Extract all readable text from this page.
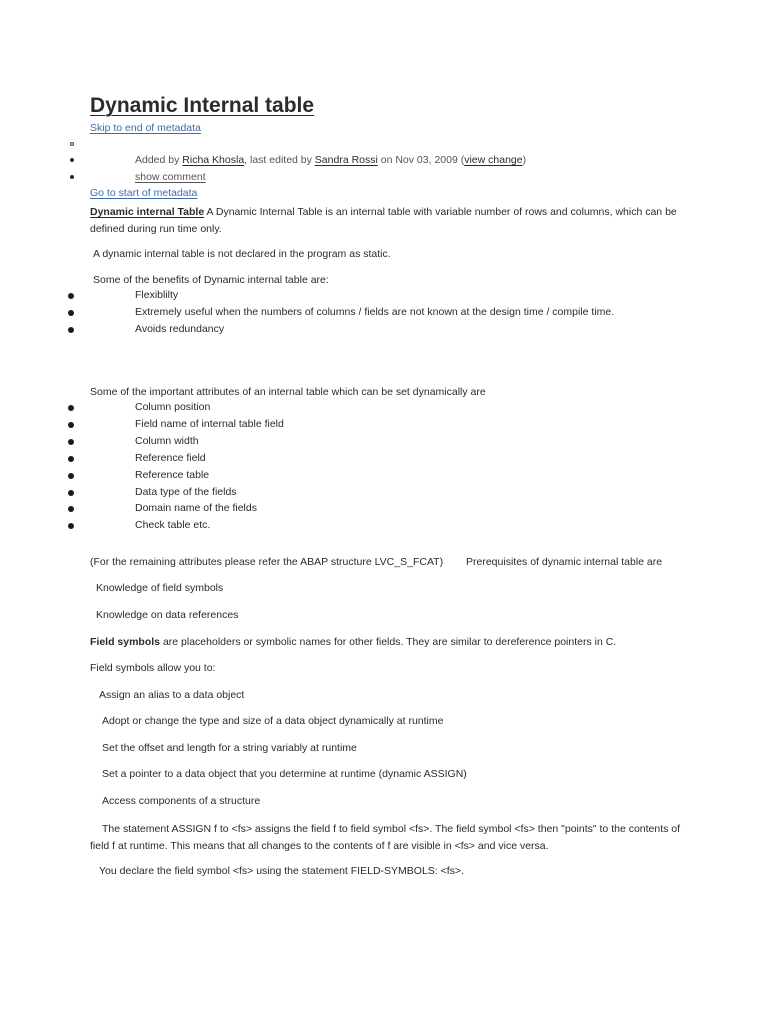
Dynamic Internal table
Skip to end of metadata
Added by Richa Khosla, last edited by Sandra Rossi on Nov 03, 2009 (view change)
show comment
Go to start of metadata
Dynamic internal Table A Dynamic Internal Table is an internal table with variable number of rows and columns, which can be defined during run time only.
A dynamic internal table is not declared in the program as static.
Some of the benefits of Dynamic internal table are:
Flexiblilty
Extremely useful when the numbers of columns / fields are not known at the design time / compile time.
Avoids redundancy
Some of the important attributes of an internal table which can be set dynamically are
Column position
Field name of internal table field
Column width
Reference field
Reference table
Data type of the fields
Domain name of the fields
Check table etc.
(For the remaining attributes please refer the ABAP structure LVC_S_FCAT) Prerequisites of dynamic internal table are
Knowledge of field symbols
Knowledge on data references
Field symbols are placeholders or symbolic names for other fields. They are similar to dereference pointers in C.
Field symbols allow you to:
Assign an alias to a data object
Adopt or change the type and size of a data object dynamically at runtime
Set the offset and length for a string variably at runtime
Set a pointer to a data object that you determine at runtime (dynamic ASSIGN)
Access components of a structure
The statement ASSIGN f to <fs> assigns the field f to field symbol <fs>. The field symbol <fs> then "points" to the contents of field f at runtime. This means that all changes to the contents of f are visible in <fs> and vice versa.
You declare the field symbol <fs> using the statement FIELD-SYMBOLS: <fs>.
